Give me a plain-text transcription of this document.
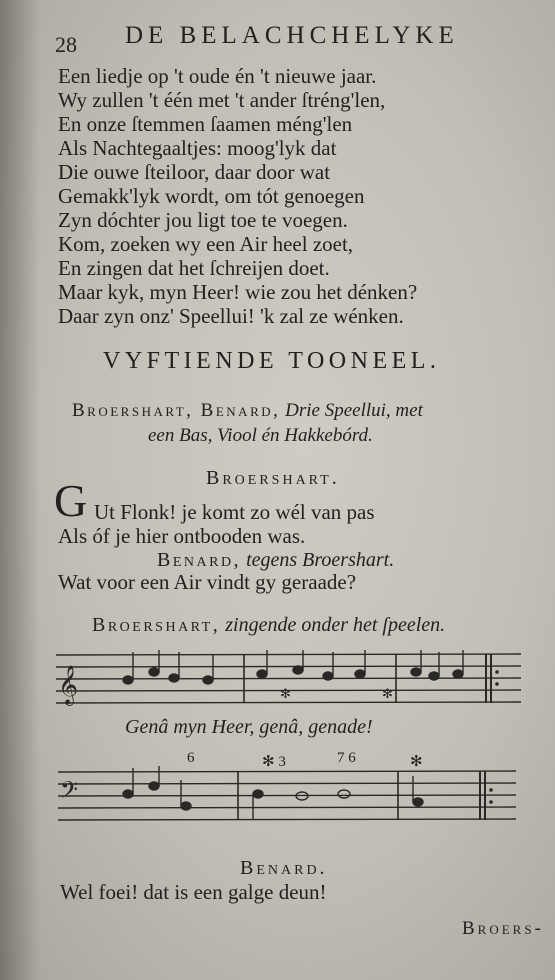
28 DE BELACHCHELYKE
Een liedje op 't oude én 't nieuwe jaar.
Wy zullen 't één met 't ander ſtréng'len,
En onze ſtemmen ſaamen méng'len
Als Nachtegaaltjes: moog'lyk dat
Die ouwe ſteiloor, daar door wat
Gemakk'lyk wordt, om tót genoegen
Zyn dóchter jou ligt toe te voegen.
Kom, zoeken wy een Air heel zoet,
En zingen dat het ſchreijen doet.
Maar kyk, myn Heer! wie zou het dénken?
Daar zyn onz' Speellui! 'k zal ze wénken.
VYFTIENDE TOONEEL.
Broershart, Benard, Drie Speellui, met
een Bas, Viool én Hakkebórd.
Broershart.
G Ut Flonk! je komt zo wél van pas
Als óf je hier ontbooden was.
Benard, tegens Broershart.
Wat voor een Air vindt gy geraade?
Broershart, zingende onder het ſpeelen.
𝄞	✻	✻
Genâ myn Heer, genâ, genade!
6	✻ 3	7 6	✻
𝄢
Benard.
Wel foei! dat is een galge deun!
Broers-
